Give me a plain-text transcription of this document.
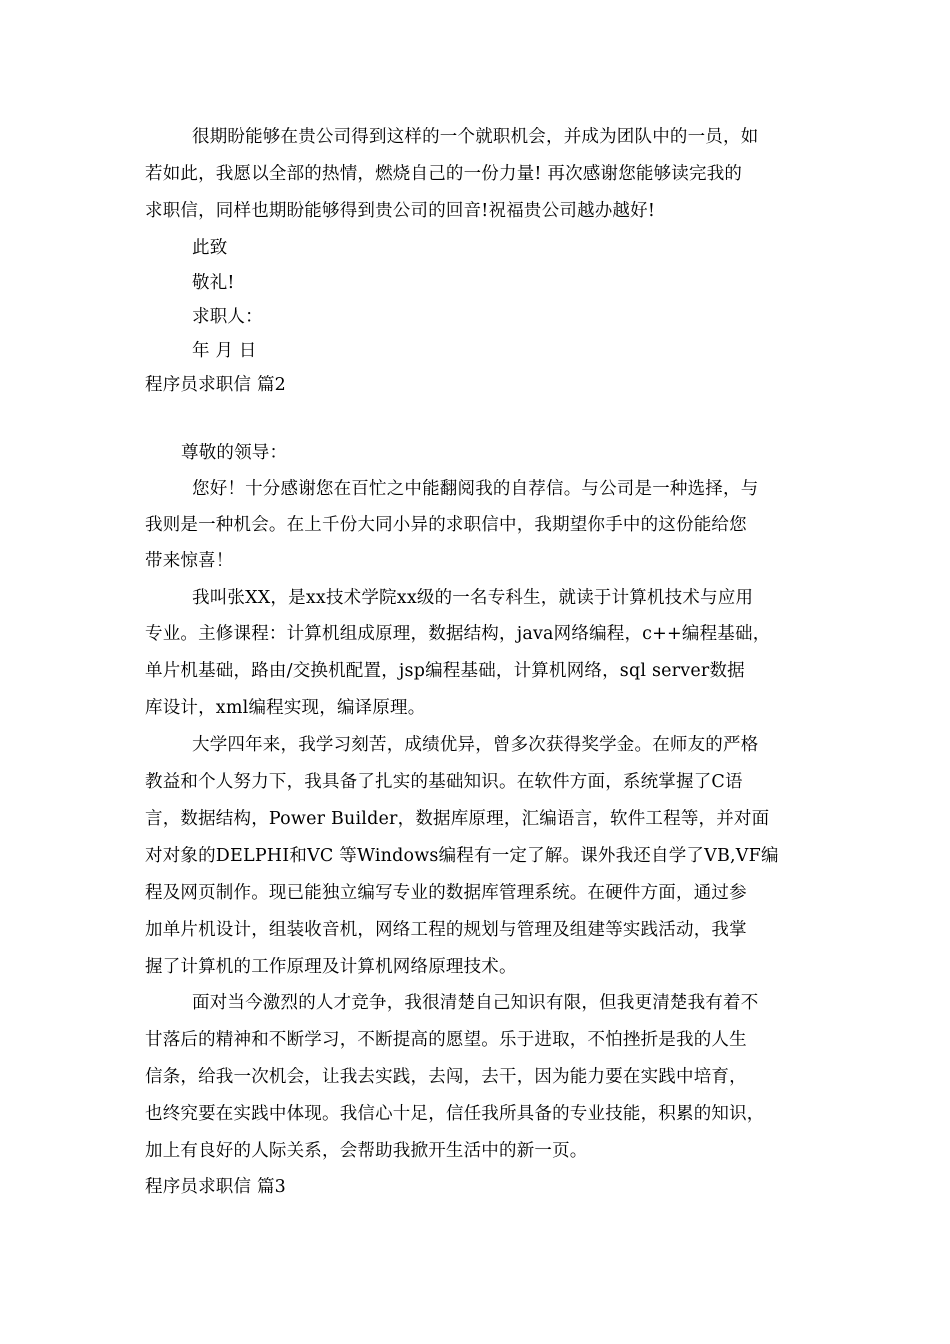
很期盼能够在贵公司得到这样的一个就职机会，并成为团队中的一员，如
若如此，我愿以全部的热情，燃烧自己的一份力量! 再次感谢您能够读完我的
求职信，同样也期盼能够得到贵公司的回音!祝福贵公司越办越好!
此致
敬礼!
求职人：
年 月 日
程序员求职信 篇2
尊敬的领导：
您好！十分感谢您在百忙之中能翻阅我的自荐信。与公司是一种选择，与
我则是一种机会。在上千份大同小异的求职信中，我期望你手中的这份能给您
带来惊喜！
我叫张XX，是xx技术学院xx级的一名专科生，就读于计算机技术与应用
专业。主修课程：计算机组成原理，数据结构，java网络编程，c++编程基础，
单片机基础，路由/交换机配置，jsp编程基础，计算机网络，sql server数据
库设计，xml编程实现，编译原理。
大学四年来，我学习刻苦，成绩优异，曾多次获得奖学金。在师友的严格
教益和个人努力下，我具备了扎实的基础知识。在软件方面，系统掌握了C语
言，数据结构，Power Builder，数据库原理，汇编语言，软件工程等，并对面
对对象的DELPHI和VC 等Windows编程有一定了解。课外我还自学了VB,VF编
程及网页制作。现已能独立编写专业的数据库管理系统。在硬件方面，通过参
加单片机设计，组装收音机，网络工程的规划与管理及组建等实践活动，我掌
握了计算机的工作原理及计算机网络原理技术。
面对当今激烈的人才竞争，我很清楚自己知识有限，但我更清楚我有着不
甘落后的精神和不断学习，不断提高的愿望。乐于进取，不怕挫折是我的人生
信条，给我一次机会，让我去实践，去闯，去干，因为能力要在实践中培育，
也终究要在实践中体现。我信心十足，信任我所具备的专业技能，积累的知识，
加上有良好的人际关系，会帮助我掀开生活中的新一页。
程序员求职信 篇3
